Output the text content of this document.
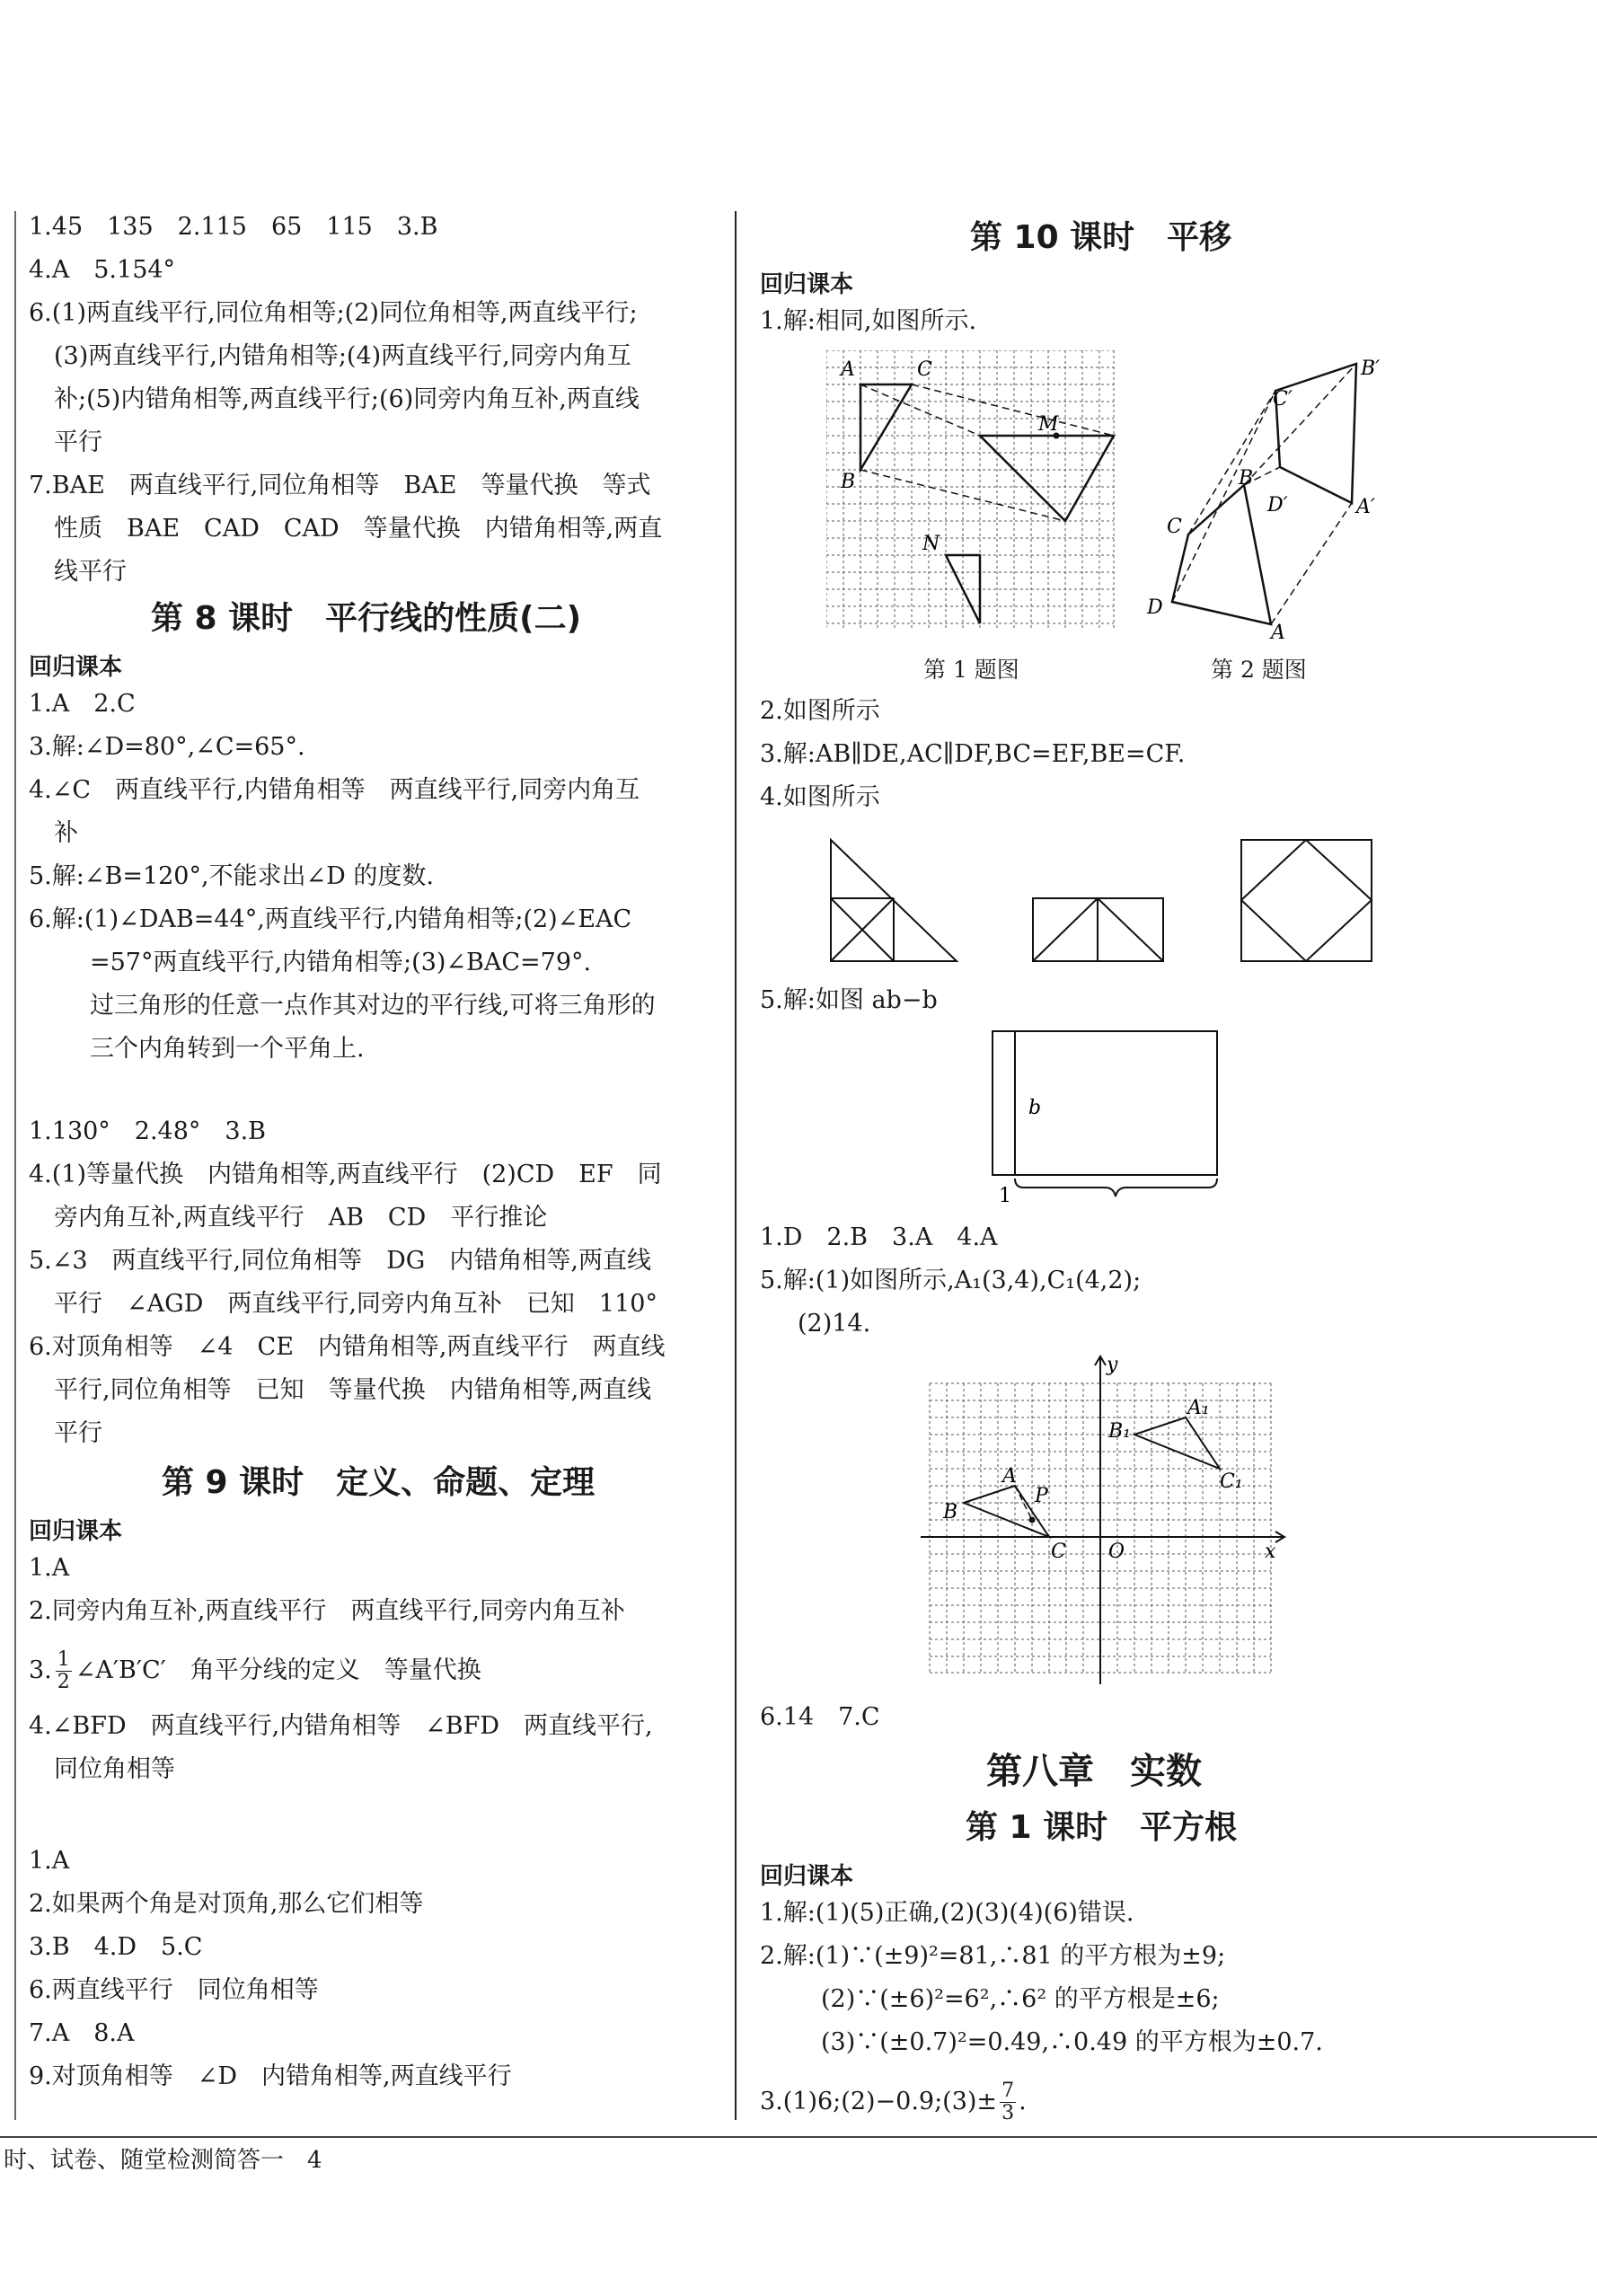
1.45　135　2.115　65　115　3.B
4.A　5.154°
6.(1)两直线平行,同位角相等;(2)同位角相等,两直线平行;
(3)两直线平行,内错角相等;(4)两直线平行,同旁内角互
补;(5)内错角相等,两直线平行;(6)同旁内角互补,两直线
平行
7.BAE　两直线平行,同位角相等　BAE　等量代换　等式
性质　BAE　CAD　CAD　等量代换　内错角相等,两直
线平行
第 8 课时　平行线的性质(二)
回归课本
1.A　2.C
3.解:∠D=80°,∠C=65°.
4.∠C　两直线平行,内错角相等　两直线平行,同旁内角互
补
5.解:∠B=120°,不能求出∠D 的度数.
6.解:(1)∠DAB=44°,两直线平行,内错角相等;(2)∠EAC
=57°两直线平行,内错角相等;(3)∠BAC=79°.
过三角形的任意一点作其对边的平行线,可将三角形的
三个内角转到一个平角上.
1.130°　2.48°　3.B
4.(1)等量代换　内错角相等,两直线平行　(2)CD　EF　同
旁内角互补,两直线平行　AB　CD　平行推论
5.∠3　两直线平行,同位角相等　DG　内错角相等,两直线
平行　∠AGD　两直线平行,同旁内角互补　已知　110°
6.对顶角相等　∠4　CE　内错角相等,两直线平行　两直线
平行,同位角相等　已知　等量代换　内错角相等,两直线
平行
第 9 课时　定义、命题、定理
回归课本
1.A
2.同旁内角互补,两直线平行　两直线平行,同旁内角互补
3. $\frac{1}{2}$ ∠A′B′C′　角平分线的定义　等量代换
4.∠BFD　两直线平行,内错角相等　∠BFD　两直线平行,
同位角相等
1.A
2.如果两个角是对顶角,那么它们相等
3.B　4.D　5.C
6.两直线平行　同位角相等
7.A　8.A
9.对顶角相等　∠D　内错角相等,两直线平行
第 10 课时　平移
回归课本
1.解:相同,如图所示.
A	C
M
B
N
第 1 题图
B′
C′
B
D′	A′
C
D
A
第 2 题图
2.如图所示
3.解:AB∥DE,AC∥DF,BC=EF,BE=CF.
4.如图所示
5.解:如图 ab−b
b
1
1.D　2.B　3.A　4.A
5.解:(1)如图所示,A₁(3,4),C₁(4,2);
(2)14.
y
A₁
B₁
C₁
A
P
B
C O	x
6.14　7.C
第八章　实数
第 1 课时　平方根
回归课本
1.解:(1)(5)正确,(2)(3)(4)(6)错误.
2.解:(1)∵(±9)²=81,∴81 的平方根为±9;
(2)∵(±6)²=6²,∴6² 的平方根是±6;
(3)∵(±0.7)²=0.49,∴0.49 的平方根为±0.7.
3.(1)6;(2)−0.9;(3)± $\frac{7}{3}$ .
时、试卷、随堂检测简答一　4
